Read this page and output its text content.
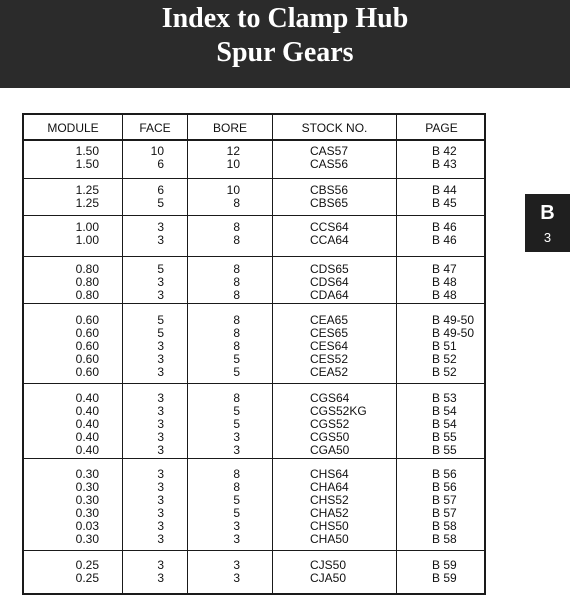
Index to Clamp Hub
Spur Gears
B
3
MODULE	FACE	BORE	STOCK NO.	PAGE
1.50	10	12	CAS57	B 42
1.50	6	10	CAS56	B 43
1.25	6	10	CBS56	B 44
1.25	5	8	CBS65	B 45
1.00	3	8	CCS64	B 46
1.00	3	8	CCA64	B 46
0.80	5	8	CDS65	B 47
0.80	3	8	CDS64	B 48
0.80	3	8	CDA64	B 48
0.60	5	8	CEA65	B 49-50
0.60	5	8	CES65	B 49-50
0.60	3	8	CES64	B 51
0.60	3	5	CES52	B 52
0.60	3	5	CEA52	B 52
0.40	3	8	CGS64	B 53
0.40	3	5	CGS52KG	B 54
0.40	3	5	CGS52	B 54
0.40	3	3	CGS50	B 55
0.40	3	3	CGA50	B 55
0.30	3	8	CHS64	B 56
0.30	3	8	CHA64	B 56
0.30	3	5	CHS52	B 57
0.30	3	5	CHA52	B 57
0.03	3	3	CHS50	B 58
0.30	3	3	CHA50	B 58
0.25	3	3	CJS50	B 59
0.25	3	3	CJA50	B 59
